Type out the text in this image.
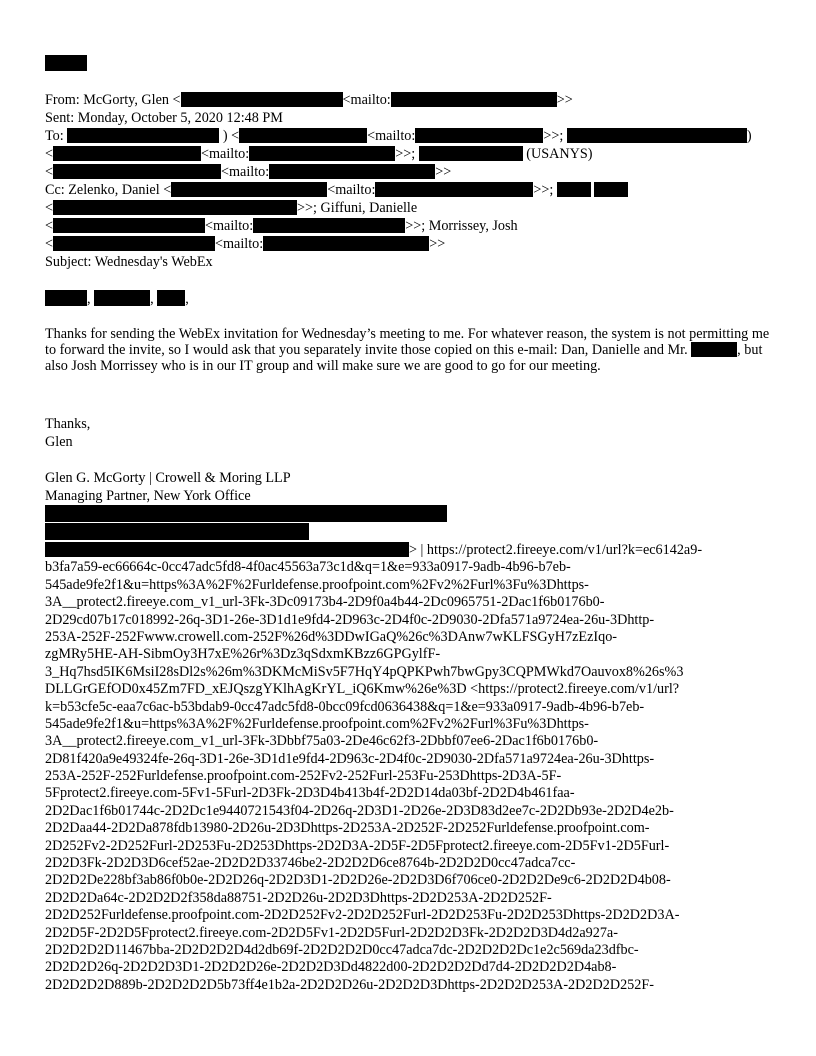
From: McGorty, Glen <	<mailto:	>>
Sent: Monday, October 5, 2020 12:48 PM
To:	) <	<mailto:	>>;	)
<	<mailto:	>>;	(USANYS)
<	<mailto:	>>
Cc: Zelenko, Daniel <	<mailto:	>>;
<	>>; Giffuni, Danielle
<	<mailto:	>>; Morrissey, Josh
<	<mailto:	>>
Subject: Wednesday's WebEx
,	, ,
Thanks for sending the WebEx invitation for Wednesday’s meeting to me. For whatever reason, the system is not permitting me to forward the invite, so I would ask that you separately invite those copied on this e-mail: Dan, Danielle and Mr.	, but also Josh Morrissey who is in our IT group and will make sure we are good to go for our meeting.
Thanks,
Glen
Glen G. McGorty | Crowell & Moring LLP
Managing Partner, New York Office
> | https://protect2.fireeye.com/v1/url?k=ec6142a9-
b3fa7a59-ec66664c-0cc47adc5fd8-4f0ac45563a73c1d&q=1&e=933a0917-9adb-4b96-b7eb-
545ade9fe2f1&u=https%3A%2F%2Furldefense.proofpoint.com%2Fv2%2Furl%3Fu%3Dhttps-
3A__protect2.fireeye.com_v1_url-3Fk-3Dc09173b4-2D9f0a4b44-2Dc0965751-2Dac1f6b0176b0-
2D29cd07b17c018992-26q-3D1-26e-3D1d1e9fd4-2D963c-2D4f0c-2D9030-2Dfa571a9724ea-26u-3Dhttp-
253A-252F-252Fwww.crowell.com-252F%26d%3DDwIGaQ%26c%3DAnw7wKLFSGyH7zEzIqo-
zgMRy5HE-AH-SibmOy3H7xE%26r%3Dz3qSdxmKBzz6GPGylfF-
3_Hq7hsd5IK6MsiI28sDl2s%26m%3DKMcMiSv5F7HqY4pQPKPwh7bwGpy3CQPMWkd7Oauvox8%26s%3
DLLGrGEfOD0x45Zm7FD_xEJQszgYKlhAgKrYL_iQ6Kmw%26e%3D <https://protect2.fireeye.com/v1/url?
k=b53cfe5c-eaa7c6ac-b53bdab9-0cc47adc5fd8-0bcc09fcd0636438&q=1&e=933a0917-9adb-4b96-b7eb-
545ade9fe2f1&u=https%3A%2F%2Furldefense.proofpoint.com%2Fv2%2Furl%3Fu%3Dhttps-
3A__protect2.fireeye.com_v1_url-3Fk-3Dbbf75a03-2De46c62f3-2Dbbf07ee6-2Dac1f6b0176b0-
2D81f420a9e49324fe-26q-3D1-26e-3D1d1e9fd4-2D963c-2D4f0c-2D9030-2Dfa571a9724ea-26u-3Dhttps-
253A-252F-252Furldefense.proofpoint.com-252Fv2-252Furl-253Fu-253Dhttps-2D3A-5F-
5Fprotect2.fireeye.com-5Fv1-5Furl-2D3Fk-2D3D4b413b4f-2D2D14da03bf-2D2D4b461faa-
2D2Dac1f6b01744c-2D2Dc1e9440721543f04-2D26q-2D3D1-2D26e-2D3D83d2ee7c-2D2Db93e-2D2D4e2b-
2D2Daa44-2D2Da878fdb13980-2D26u-2D3Dhttps-2D253A-2D252F-2D252Furldefense.proofpoint.com-
2D252Fv2-2D252Furl-2D253Fu-2D253Dhttps-2D2D3A-2D5F-2D5Fprotect2.fireeye.com-2D5Fv1-2D5Furl-
2D2D3Fk-2D2D3D6cef52ae-2D2D2D33746be2-2D2D2D6ce8764b-2D2D2D0cc47adca7cc-
2D2D2De228bf3ab86f0b0e-2D2D26q-2D2D3D1-2D2D26e-2D2D3D6f706ce0-2D2D2De9c6-2D2D2D4b08-
2D2D2Da64c-2D2D2D2f358da88751-2D2D26u-2D2D3Dhttps-2D2D253A-2D2D252F-
2D2D252Furldefense.proofpoint.com-2D2D252Fv2-2D2D252Furl-2D2D253Fu-2D2D253Dhttps-2D2D2D3A-
2D2D5F-2D2D5Fprotect2.fireeye.com-2D2D5Fv1-2D2D5Furl-2D2D2D3Fk-2D2D2D3D4d2a927a-
2D2D2D2D11467bba-2D2D2D2D4d2db69f-2D2D2D2D0cc47adca7dc-2D2D2D2Dc1e2c569da23dfbc-
2D2D2D26q-2D2D2D3D1-2D2D2D26e-2D2D2D3Dd4822d00-2D2D2D2Dd7d4-2D2D2D2D4ab8-
2D2D2D2D889b-2D2D2D2D5b73ff4e1b2a-2D2D2D26u-2D2D2D3Dhttps-2D2D2D253A-2D2D2D252F-
